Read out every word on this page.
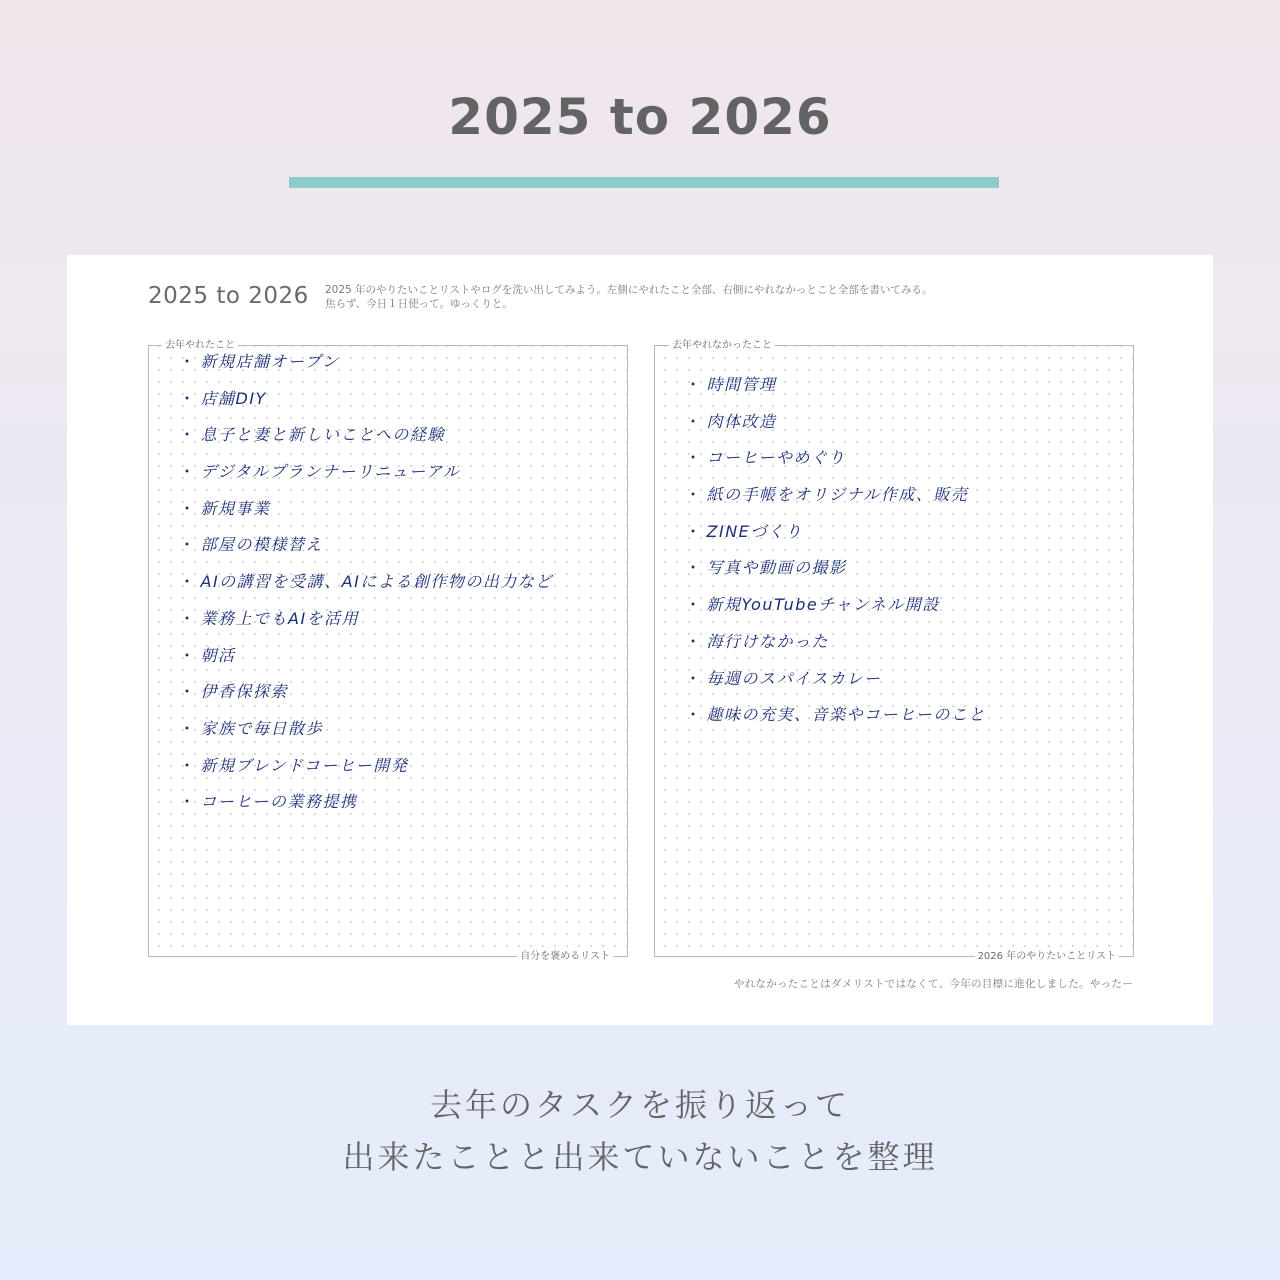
2025 to 2026
2025 to 2026 2025 年のやりたいことリストやログを洗い出してみよう。左側にやれたこと全部、右側にやれなかっとこと全部を書いてみる。
焦らず、今日１日使って。ゆっくりと。
去年やれたこと
・ 新規店舗オープン
・ 店舗DIY
・ 息子と妻と新しいことへの経験
・ デジタルプランナーリニューアル
・ 新規事業
・ 部屋の模様替え
・ AIの講習を受講、AIによる創作物の出力など
・ 業務上でもAIを活用
・ 朝活
・ 伊香保探索
・ 家族で毎日散歩
・ 新規ブレンドコーヒー開発
・ コーヒーの業務提携
自分を褒めるリスト
去年やれなかったこと
・ 時間管理
・ 肉体改造
・ コーヒーやめぐり
・ 紙の手帳をオリジナル作成、販売
・ ZINEづくり
・ 写真や動画の撮影
・ 新規YouTubeチャンネル開設
・ 海行けなかった
・ 毎週のスパイスカレー
・ 趣味の充実、音楽やコーヒーのこと
2026 年のやりたいことリスト
やれなかったことはダメリストではなくて、今年の目標に進化しました。やったー
去年のタスクを振り返って
出来たことと出来ていないことを整理
